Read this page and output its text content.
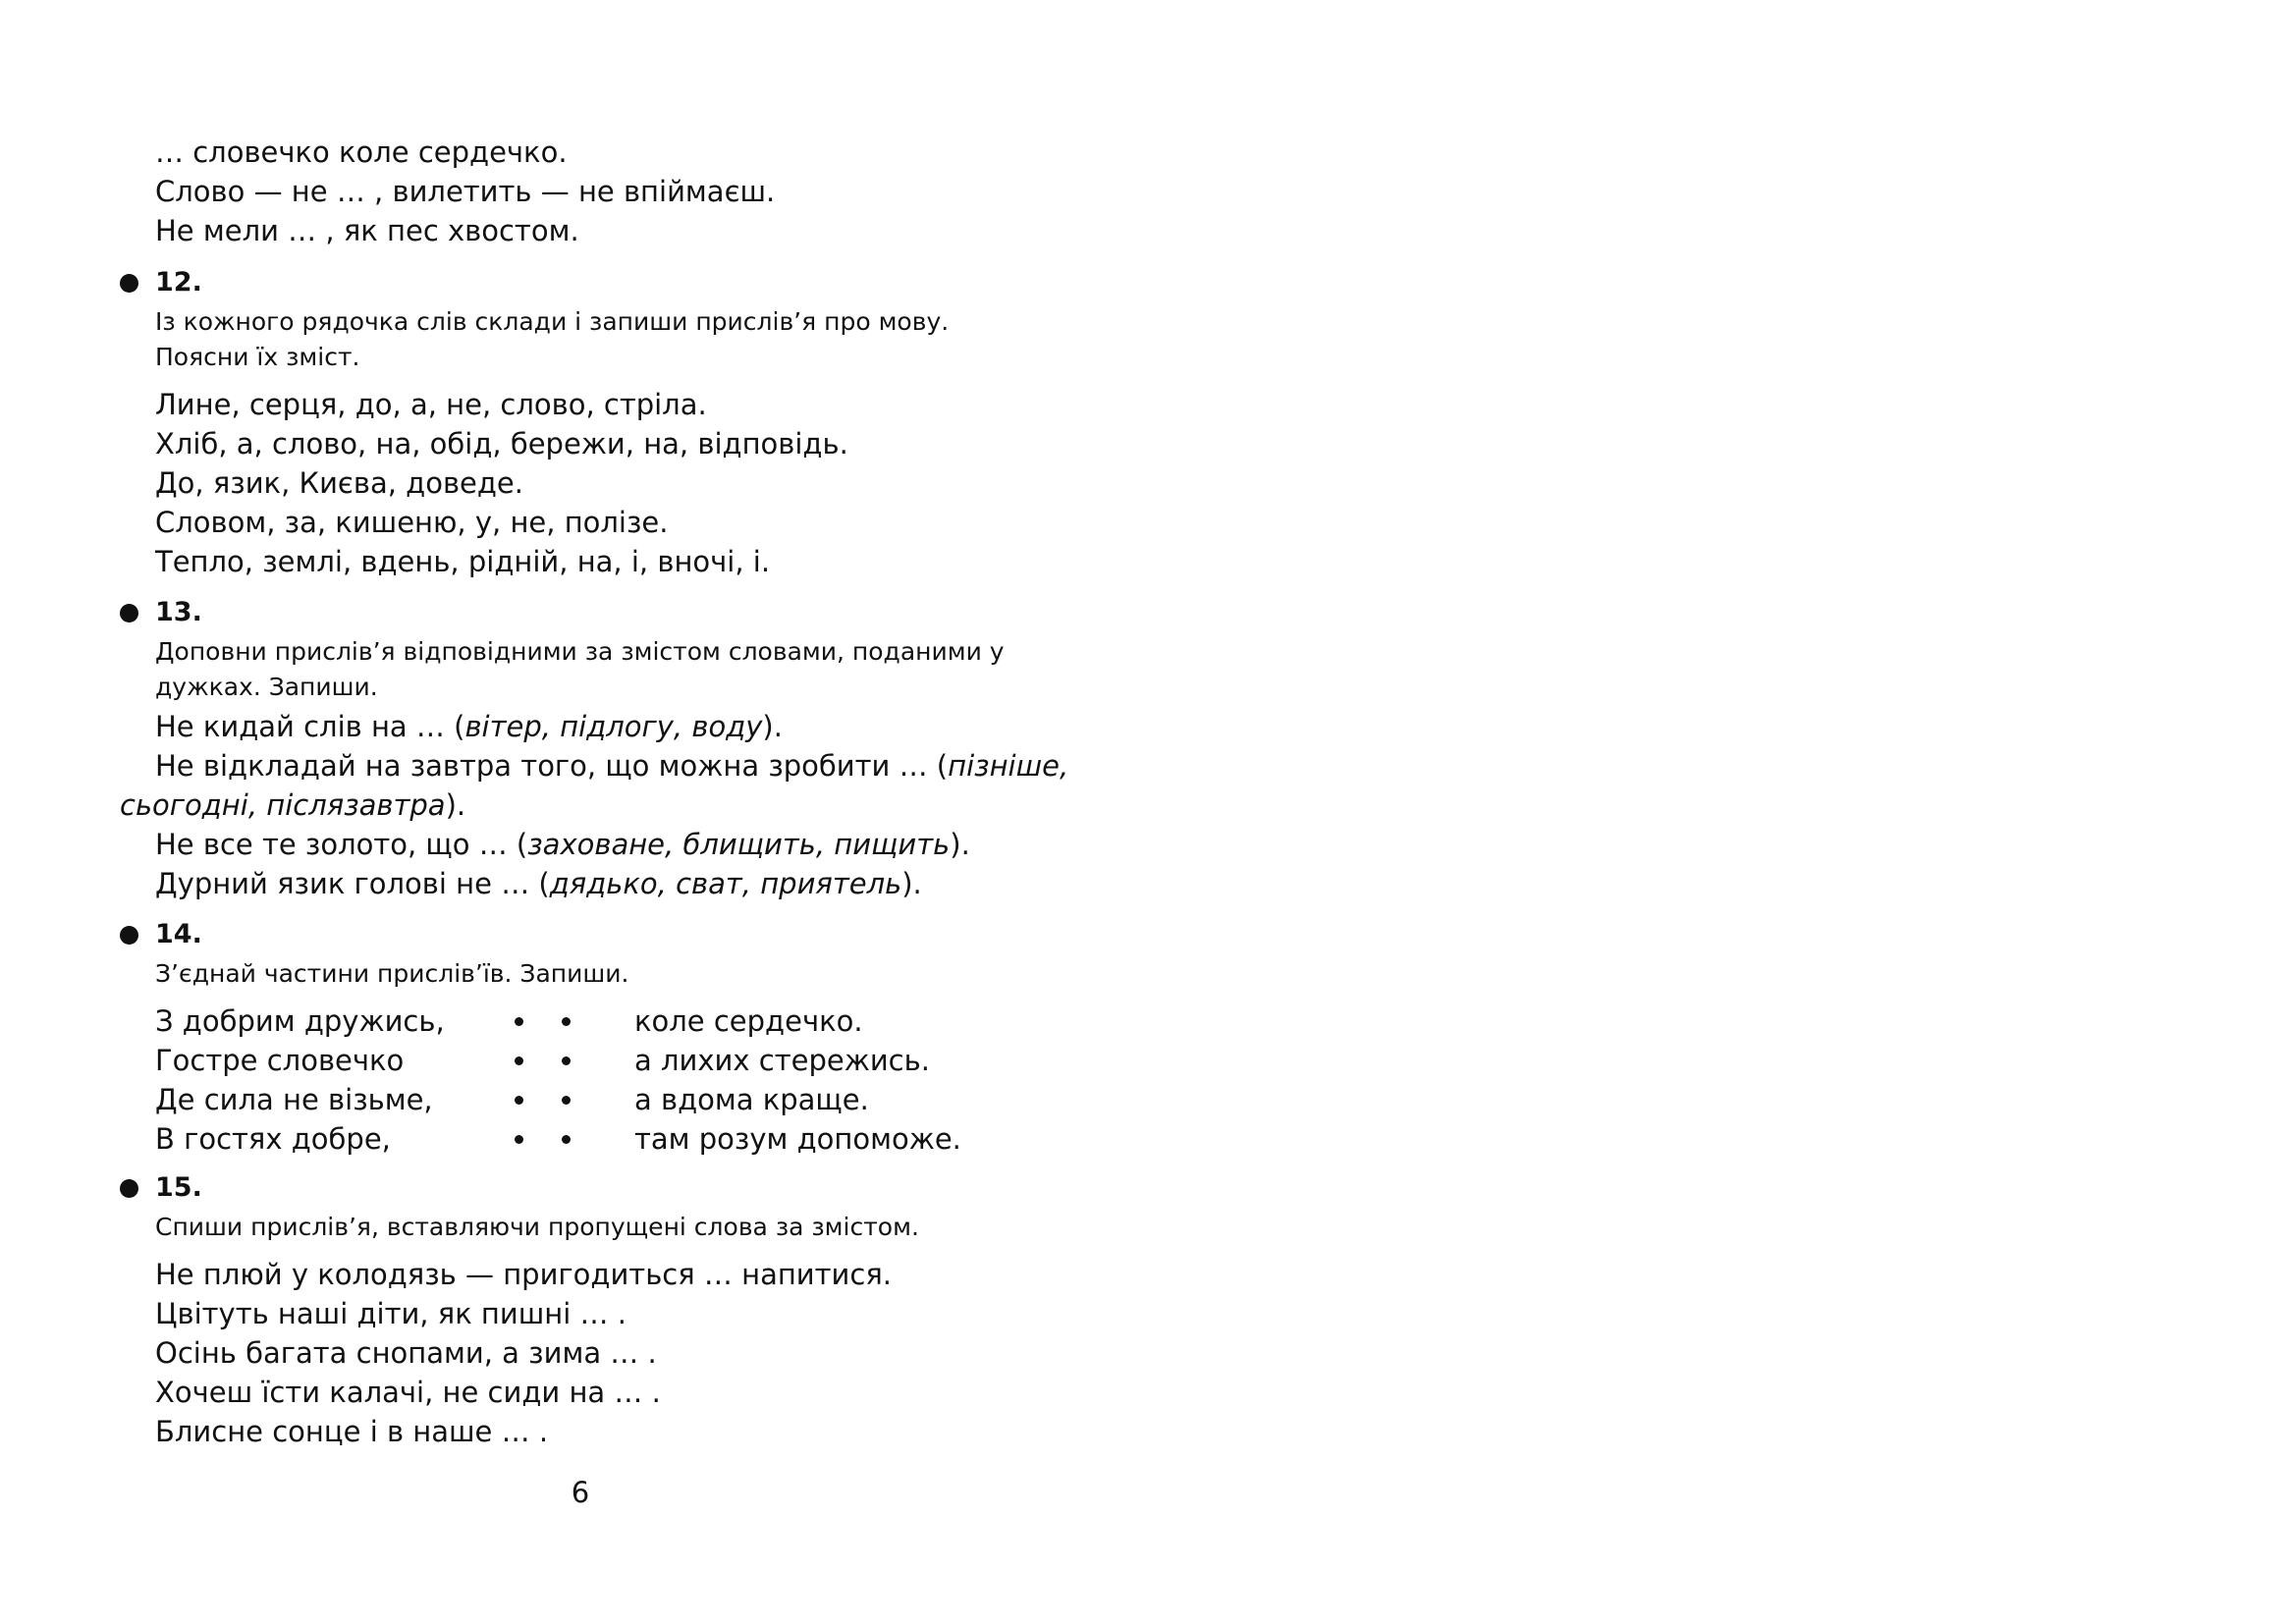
… словечко коле сердечко.
Слово — не … , вилетить — не впіймаєш.
Не мели … , як пес хвостом.
12.
Із кожного рядочка слів склади і запиши прислів’я про мову.
Поясни їх зміст.
Лине, серця, до, а, не, слово, стріла.
Хліб, а, слово, на, обід, бережи, на, відповідь.
До, язик, Києва, доведе.
Словом, за, кишеню, у, не, полізе.
Тепло, землі, вдень, рідній, на, і, вночі, і.
13.
Доповни прислів’я відповідними за змістом словами, поданими у
дужках. Запиши.
Не кидай слів на … (вітер, підлогу, воду).
Не відкладай на завтра того, що можна зробити … (пізніше,
сьогодні, післязавтра).
Не все те золото, що … (заховане, блищить, пищить).
Дурний язик голові не … (дядько, сват, приятель).
14.
З’єднай частини прислів’їв. Запиши.
З добрим дружись,	коле сердечко.
Гостре словечко	а лихих стережись.
Де сила не візьме,	а вдома краще.
В гостях добре,	там розум допоможе.
15.
Спиши прислів’я, вставляючи пропущені слова за змістом.
Не плюй у колодязь — пригодиться … напитися.
Цвітуть наші діти, як пишні … .
Осінь багата снопами, а зима … .
Хочеш їсти калачі, не сиди на … .
Блисне сонце і в наше … .
6
